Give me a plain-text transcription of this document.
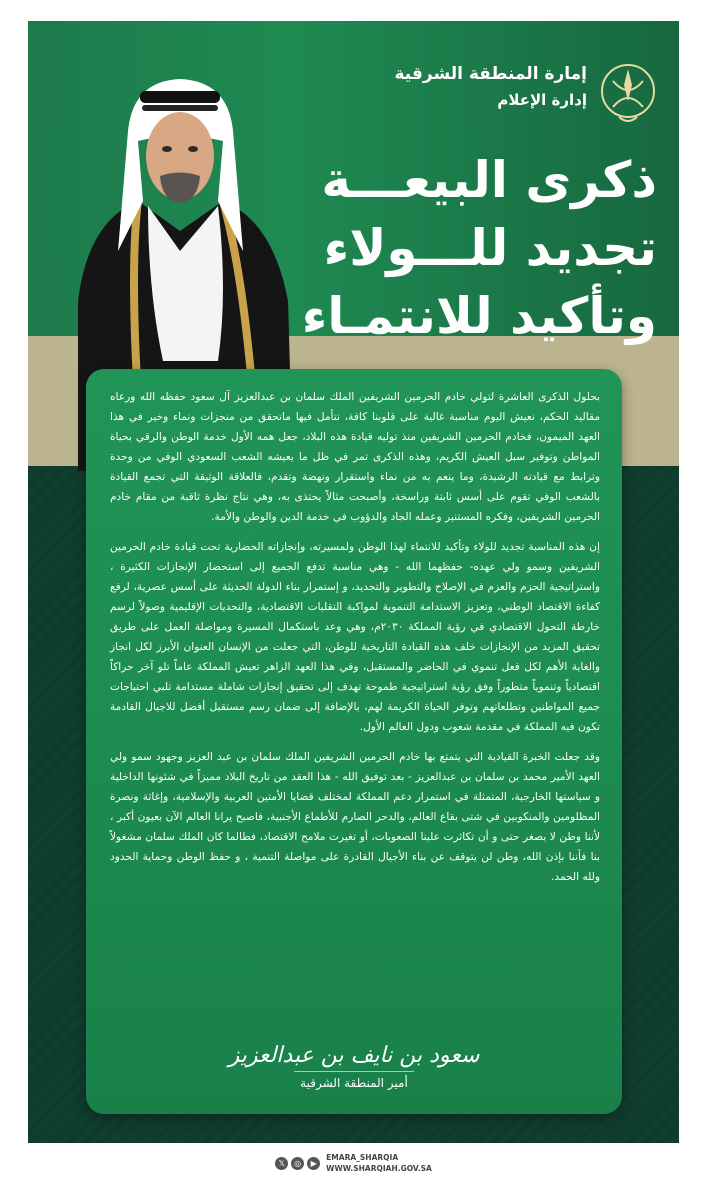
إمارة المنطقة الشرقية
إدارة الإعلام
ذكرى البيعـــة
تجديد للـــولاء
وتأكيد للانتمـاء

بحلول الذكرى العاشرة لتولي خادم الحرمين الشريفين الملك سلمان بن عبدالعزيز آل سعود حفظه الله ورعاه مقاليد الحكم، نعيش اليوم مناسبة غالية على قلوبنا كافة، نتأمل فيها ماتحقق من منجزات ونماء وخير في هذا العهد الميمون، فخادم الحرمين الشريفين منذ توليه قيادة هذه البلاد، جعل همه الأول خدمة الوطن والرقي بحياة المواطن وتوفير سبل العيش الكريم، وهذه الذكرى تمر في ظل ما يعيشه الشعب السعودي الوفي من وحدة وترابط مع قيادته الرشيدة، وما ينعم به من نماء واستقرار ونهضة وتقدم، فالعلاقة الوثيقة التي تجمع القيادة بالشعب الوفي تقوم على أسس ثابتة وراسخة، وأصبحت مثالاً يحتذى به، وهي نتاج نظرة ثاقبة من مقام خادم الحرمين الشريفين، وفكره المستنير وعمله الجاد والدؤوب في خدمة الدين والوطن والأمة.

إن هذه المناسبة تجديد للولاء وتأكيد للانتماء لهذا الوطن ولمسيرته، وإنجازاته الحضارية تحت قيادة خادم الحرمين الشريفين وسمو ولي عهده- حفظهما الله - وهي مناسبة تدفع الجميع إلى استحضار الإنجازات الكثيرة ، واستراتيجية الحزم والعزم في الإصلاح والتطوير والتجديد، و إستمرار بناء الدولة الحديثة على أسس عصرية، لرفع كفاءة الاقتصاد الوطني، وتعزيز الاستدامة التنموية لمواكبة التقلبات الاقتصادية، والتحديات الإقليمية وصولاً لرسم خارطة التحول الاقتصادي في رؤية المملكة ٢٠٣٠م، وهي وعد باستكمال المسيرة ومواصلة العمل على طريق تحقيق المزيد من الإنجازات خلف هذه القيادة التاريخية للوطن، التي جعلت من الإنسان العنوان الأبرز لكل انجاز والغاية الأهم لكل فعل تنموي في الحاضر والمستقبل، وفي هذا العهد الزاهر تعيش المملكة عاماً تلو آخر حراكاً اقتصادياً وتنموياً متطوراً وفق رؤية استراتيجية طموحة تهدف إلى تحقيق إنجازات شاملة مستدامة تلبي احتياجات جميع المواطنين وتطلعاتهم وتوفر الحياة الكريمة لهم، بالإضافة إلى ضمان رسم مستقبل أفضل للاجيال القادمة تكون فيه المملكة في مقدمة شعوب ودول العالم الأول.

وقد جعلت الخبرة القيادية التي يتمتع بها خادم الحرمين الشريفين الملك سلمان بن عبد العزيز وجهود سمو ولي العهد الأمير محمد بن سلمان بن عبدالعزيز - بعد توفيق الله - هذا العقد من تاريخ البلاد مميزاً في شئونها الداخلية و سياستها الخارجية، المتمثلة في استمرار دعم المملكة لمختلف قضايا الأمتين العربية والإسلامية، وإغاثة ونصرة المظلومين والمنكوبين في شتى بقاع العالم، والدحر الصارم للأطماع الأجنبية، فاصبح يرانا العالم الآن بعيون أكبر ، لأننا وطن لا يصغر حتى و أن تكاثرت علينا الصعوبات، أو تغيرت ملامح الاقتصاد، فطالما كان الملك سلمان مشغولاً بنا فأننا بإذن الله، وطن لن يتوقف عن بناء الأجيال القادرة على مواصلة التنمية ، و حفظ الوطن وحماية الحدود ولله الحمد.

سعود بن نايف بن عبدالعزيز
أمير المنطقة الشرقية
𝕏	◎	▶
EMARA_SHARQIA
WWW.SHARQIAH.GOV.SA
